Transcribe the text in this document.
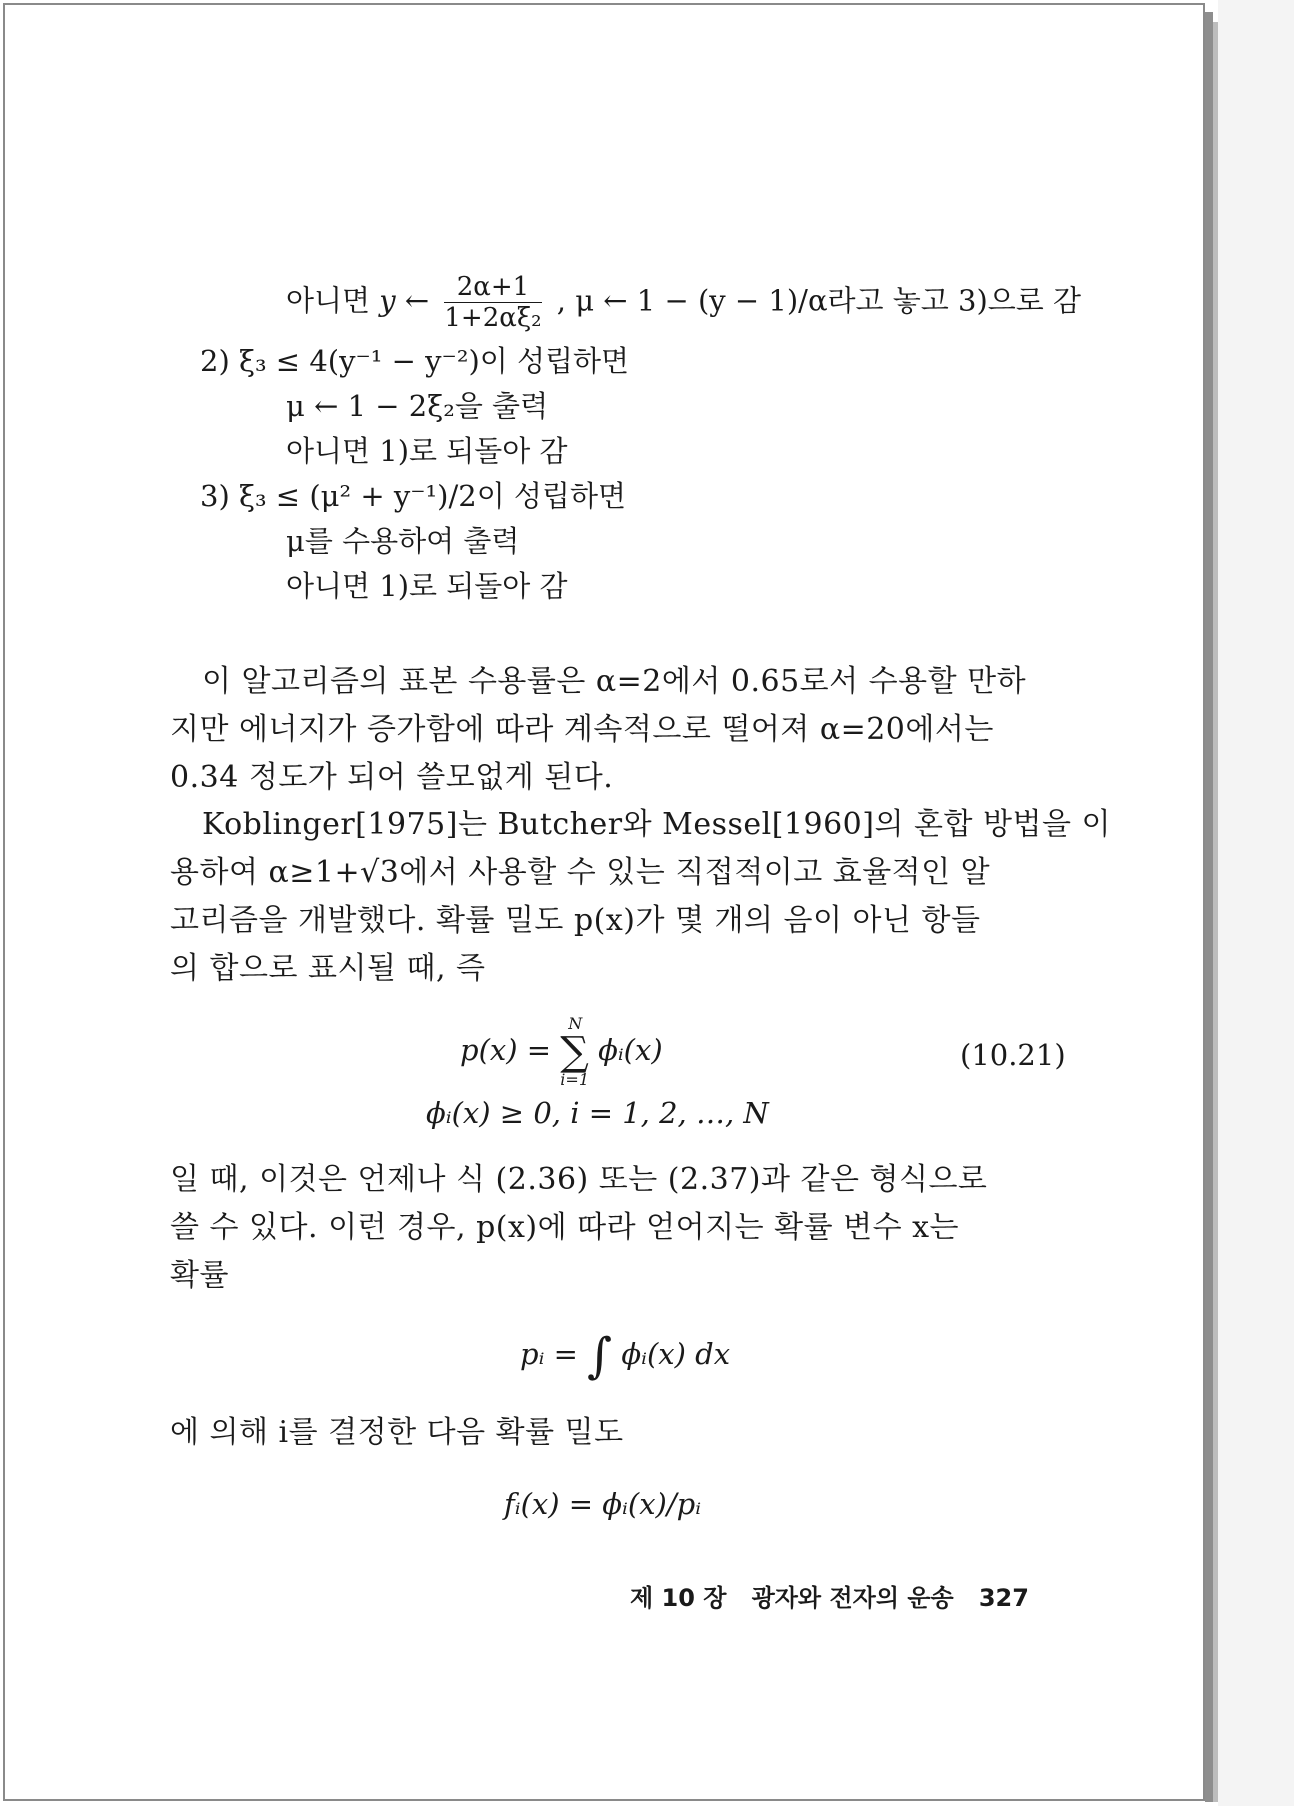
아니면 y ← $\frac{2\alpha+1}{\text{1+2αξ₂}}$ , μ ← 1 − (y − 1)/α라고 놓고 3)으로 감
2) ξ₃ ≤ 4(y⁻¹ − y⁻²)이 성립하면
μ ← 1 − 2ξ₂을 출력
아니면 1)로 되돌아 감
3) ξ₃ ≤ (μ² + y⁻¹)/2이 성립하면
μ를 수용하여 출력
아니면 1)로 되돌아 감
이 알고리즘의 표본 수용률은 α=2에서 0.65로서 수용할 만하
지만 에너지가 증가함에 따라 계속적으로 떨어져 α=20에서는
0.34 정도가 되어 쓸모없게 된다.
Koblinger[1975]는 Butcher와 Messel[1960]의 혼합 방법을 이
용하여 α≥1+√3에서 사용할 수 있는 직접적이고 효율적인 알
고리즘을 개발했다. 확률 밀도 p(x)가 몇 개의 음이 아닌 항들
의 합으로 표시될 때, 즉
p(x) = ∑
N
i=1
ϕᵢ(x)	(10.21)
ϕᵢ(x) ≥ 0, i = 1, 2, …, N
일 때, 이것은 언제나 식 (2.36) 또는 (2.37)과 같은 형식으로
쓸 수 있다. 이런 경우, p(x)에 따라 얻어지는 확률 변수 x는
확률
pᵢ = ∫ ϕᵢ(x) dx
에 의해 i를 결정한 다음 확률 밀도
fᵢ(x) = ϕᵢ(x)/pᵢ
제 10 장 광자와 전자의 운송 327
